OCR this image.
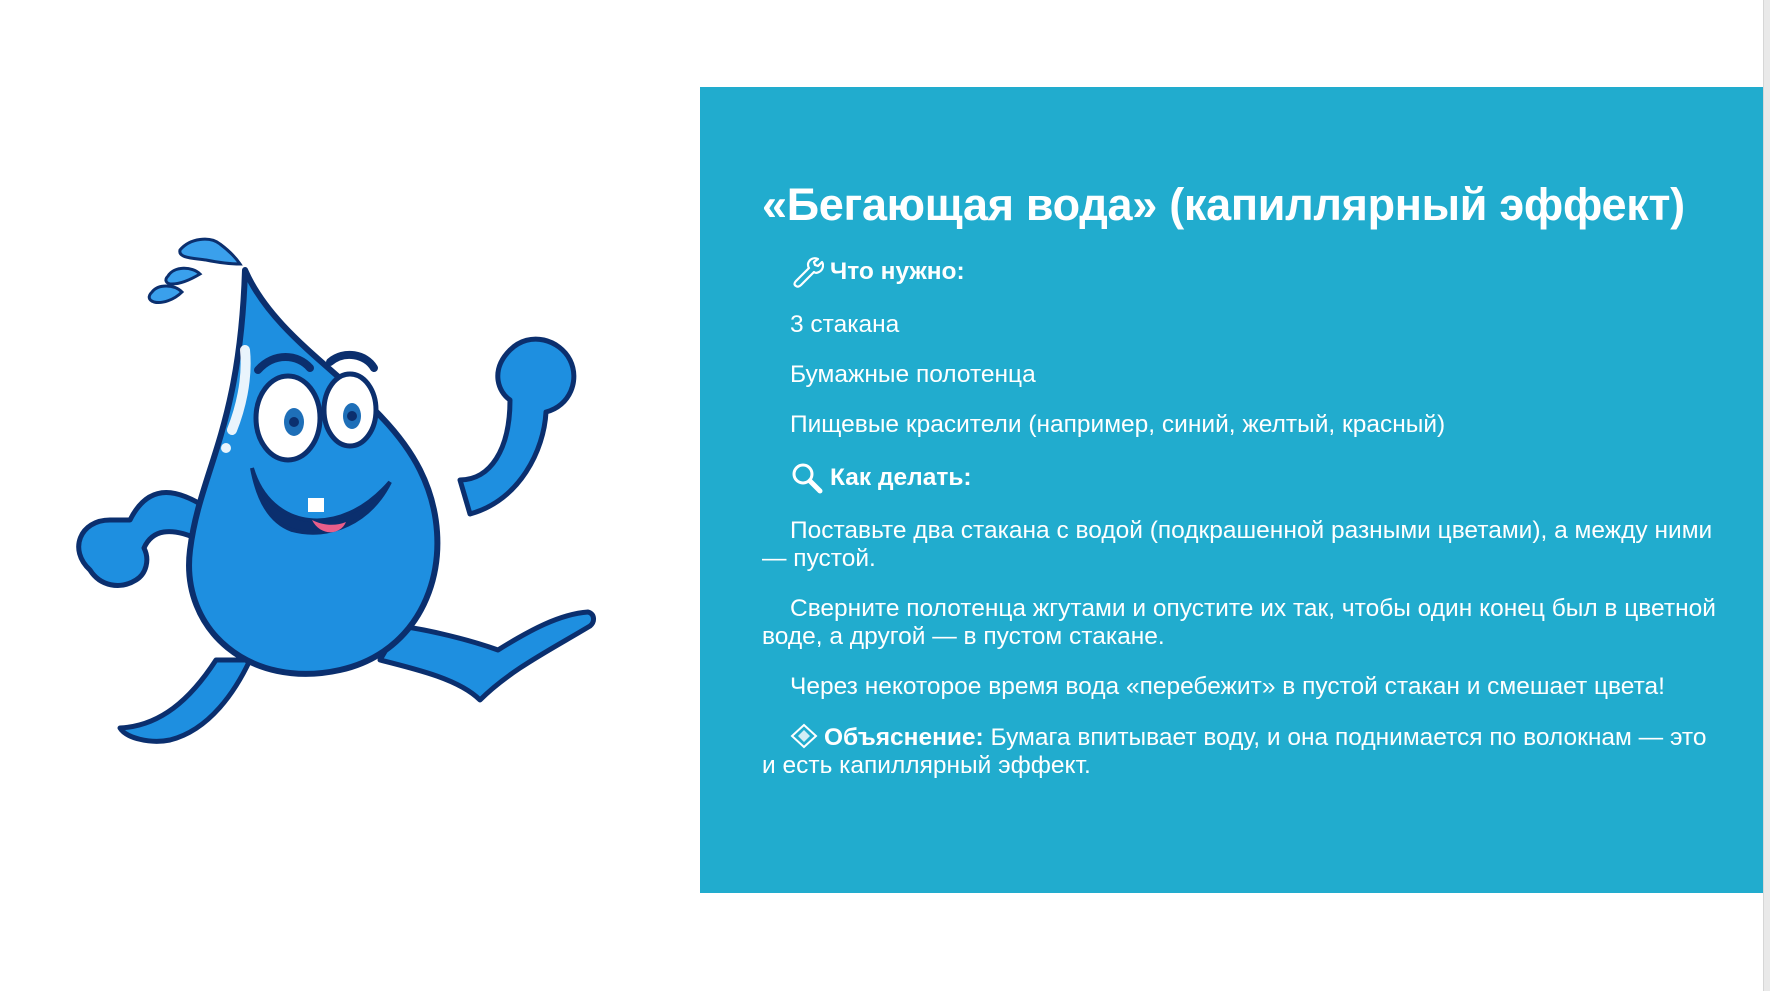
«Бегающая вода» (капиллярный эффект)
Что нужно:
3 стакана
Бумажные полотенца
Пищевые красители (например, синий, желтый, красный)
Как делать:
Поставьте два стакана с водой (подкрашенной разными цветами), а между ними — пустой.
Сверните полотенца жгутами и опустите их так, чтобы один конец был в цветной воде, а другой — в пустом стакане.
Через некоторое время вода «перебежит» в пустой стакан и смешает цвета!
Объяснение: Бумага впитывает воду, и она поднимается по волокнам — это и есть капиллярный эффект.
